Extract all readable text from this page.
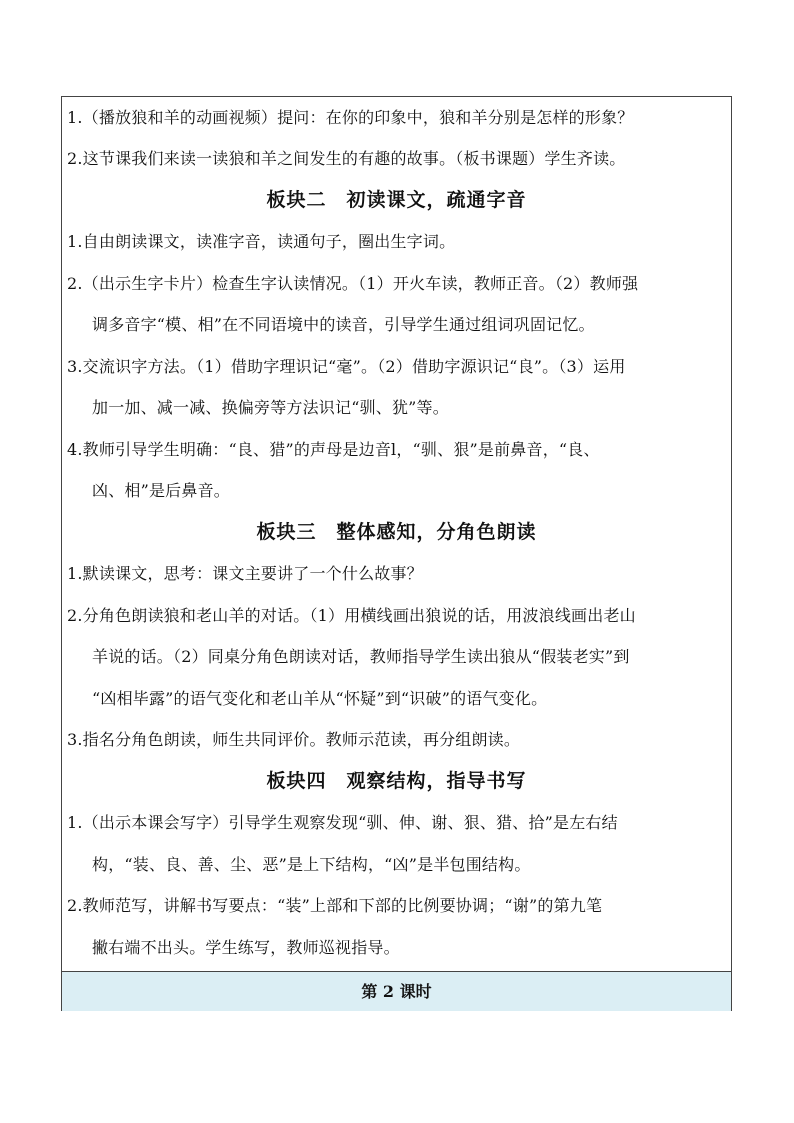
1.（播放狼和羊的动画视频）提问：在你的印象中，狼和羊分别是怎样的形象？
2.这节课我们来读一读狼和羊之间发生的有趣的故事。（板书课题）学生齐读。
板块二　初读课文，疏通字音
1.自由朗读课文，读准字音，读通句子，圈出生字词。
2.（出示生字卡片）检查生字认读情况。（1）开火车读，教师正音。（2）教师强
调多音字“模、相”在不同语境中的读音，引导学生通过组词巩固记忆。
3.交流识字方法。（1）借助字理识记“毫”。（2）借助字源识记“良”。（3）运用
加一加、减一减、换偏旁等方法识记“驯、犹”等。
4.教师引导学生明确：“良、猎”的声母是边音l，“驯、狠”是前鼻音，“良、
凶、相”是后鼻音。
板块三　整体感知，分角色朗读
1.默读课文，思考：课文主要讲了一个什么故事？
2.分角色朗读狼和老山羊的对话。（1）用横线画出狼说的话，用波浪线画出老山
羊说的话。（2）同桌分角色朗读对话，教师指导学生读出狼从“假装老实”到
“凶相毕露”的语气变化和老山羊从“怀疑”到“识破”的语气变化。
3.指名分角色朗读，师生共同评价。教师示范读，再分组朗读。
板块四　观察结构，指导书写
1.（出示本课会写字）引导学生观察发现“驯、伸、谢、狠、猎、拾”是左右结
构，“装、良、善、尘、恶”是上下结构，“凶”是半包围结构。
2.教师范写，讲解书写要点：“装”上部和下部的比例要协调；“谢”的第九笔
撇右端不出头。学生练写，教师巡视指导。
第 2 课时
